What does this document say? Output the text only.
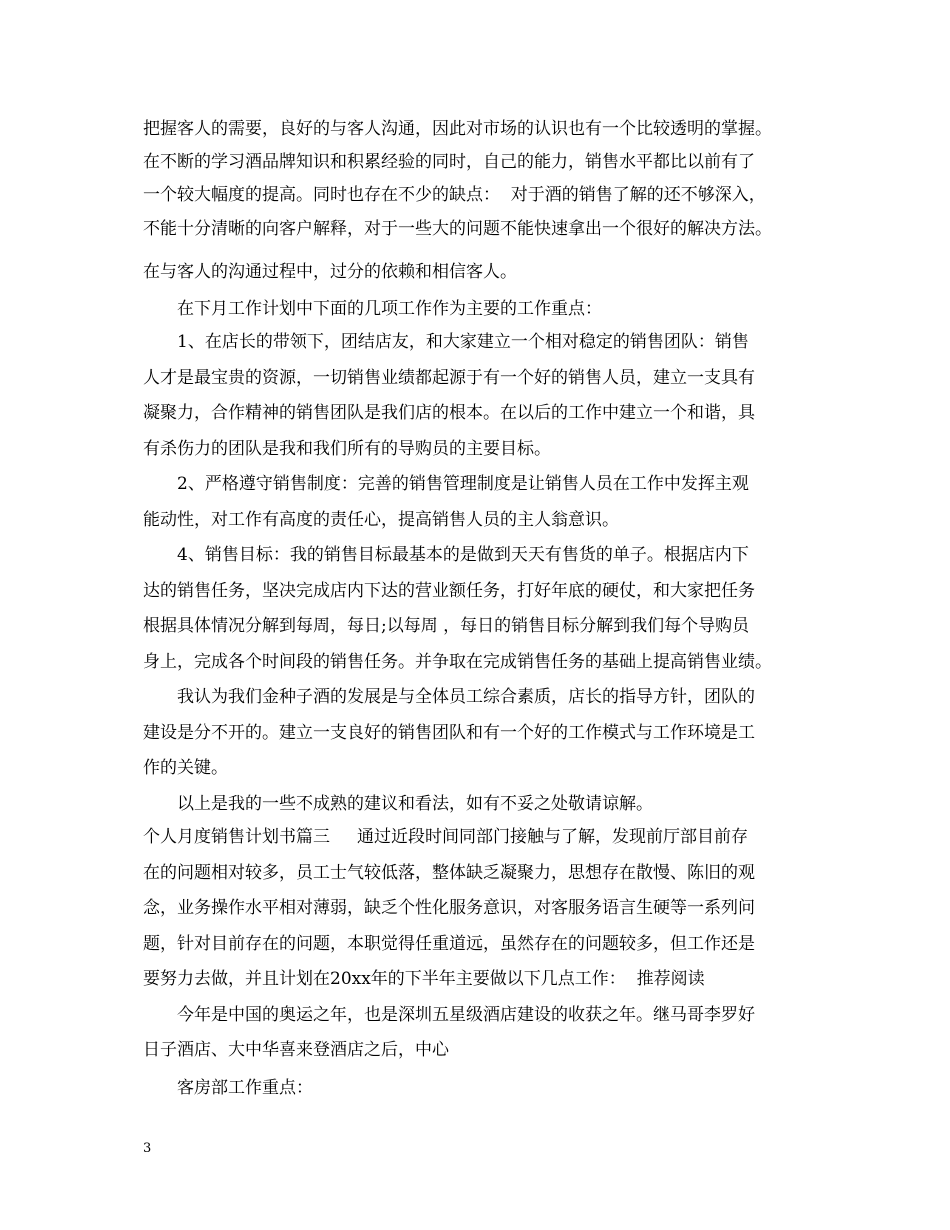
把握客人的需要，良好的与客人沟通，因此对市场的认识也有一个比较透明的掌握。
在不断的学习酒品牌知识和积累经验的同时，自己的能力，销售水平都比以前有了
一个较大幅度的提高。同时也存在不少的缺点：  对于酒的销售了解的还不够深入，
不能十分清晰的向客户解释，对于一些大的问题不能快速拿出一个很好的解决方法。
在与客人的沟通过程中，过分的依赖和相信客人。
在下月工作计划中下面的几项工作作为主要的工作重点：
1、在店长的带领下，团结店友，和大家建立一个相对稳定的销售团队：销售
人才是最宝贵的资源，一切销售业绩都起源于有一个好的销售人员，建立一支具有
凝聚力，合作精神的销售团队是我们店的根本。在以后的工作中建立一个和谐，具
有杀伤力的团队是我和我们所有的导购员的主要目标。
2、严格遵守销售制度：完善的销售管理制度是让销售人员在工作中发挥主观
能动性，对工作有高度的责任心，提高销售人员的主人翁意识。
4、销售目标：我的销售目标最基本的是做到天天有售货的单子。根据店内下
达的销售任务，坚决完成店内下达的营业额任务，打好年底的硬仗，和大家把任务
根据具体情况分解到每周，每日;以每周 ，每日的销售目标分解到我们每个导购员
身上，完成各个时间段的销售任务。并争取在完成销售任务的基础上提高销售业绩。
我认为我们金种子酒的发展是与全体员工综合素质，店长的指导方针，团队的
建设是分不开的。建立一支良好的销售团队和有一个好的工作模式与工作环境是工
作的关键。
以上是我的一些不成熟的建议和看法，如有不妥之处敬请谅解。
个人月度销售计划书篇三     通过近段时间同部门接触与了解，发现前厅部目前存
在的问题相对较多，员工士气较低落，整体缺乏凝聚力，思想存在散慢、陈旧的观
念，业务操作水平相对薄弱，缺乏个性化服务意识，对客服务语言生硬等一系列问
题，针对目前存在的问题，本职觉得任重道远，虽然存在的问题较多，但工作还是
要努力去做，并且计划在20xx年的下半年主要做以下几点工作：  推荐阅读
今年是中国的奥运之年，也是深圳五星级酒店建设的收获之年。继马哥李罗好
日子酒店、大中华喜来登酒店之后，中心
客房部工作重点：
3
